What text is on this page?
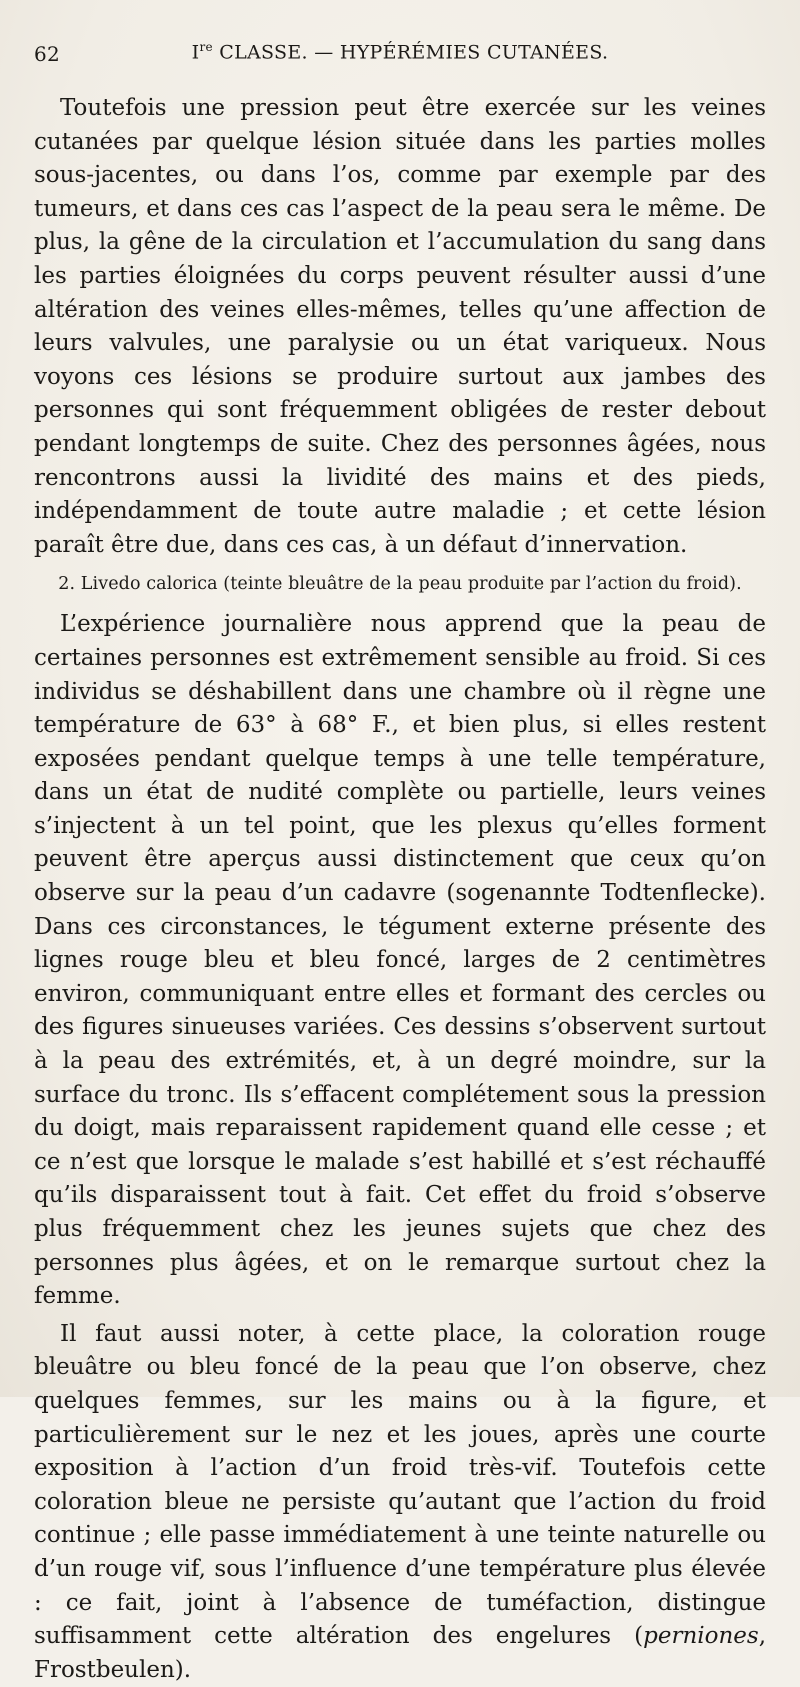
62	Ire CLASSE. — HYPÉRÉMIES CUTANÉES.

Toutefois une pression peut être exercée sur les veines cutanées par quelque lésion située dans les parties molles sous-jacentes, ou dans l’os, comme par exemple par des tumeurs, et dans ces cas l’aspect de la peau sera le même. De plus, la gêne de la circulation et l’accumulation du sang dans les parties éloignées du corps peuvent résulter aussi d’une altération des veines elles-mêmes, telles qu’une affection de leurs valvules, une paralysie ou un état variqueux. Nous voyons ces lésions se produire surtout aux jambes des personnes qui sont fréquemment obligées de rester debout pendant longtemps de suite. Chez des personnes âgées, nous rencontrons aussi la lividité des mains et des pieds, indépendamment de toute autre maladie ; et cette lésion paraît être due, dans ces cas, à un défaut d’innervation.

2. Livedo calorica (teinte bleuâtre de la peau produite par l’action du froid).

L’expérience journalière nous apprend que la peau de certaines personnes est extrêmement sensible au froid. Si ces individus se déshabillent dans une chambre où il règne une température de 63° à 68° F., et bien plus, si elles restent exposées pendant quelque temps à une telle température, dans un état de nudité complète ou partielle, leurs veines s’injectent à un tel point, que les plexus qu’elles forment peuvent être aperçus aussi distinctement que ceux qu’on observe sur la peau d’un cadavre (sogenannte Todtenflecke). Dans ces circonstances, le tégument externe présente des lignes rouge bleu et bleu foncé, larges de 2 centimètres environ, communiquant entre elles et formant des cercles ou des figures sinueuses variées. Ces dessins s’observent surtout à la peau des extrémités, et, à un degré moindre, sur la surface du tronc. Ils s’effacent complétement sous la pression du doigt, mais reparaissent rapidement quand elle cesse ; et ce n’est que lorsque le malade s’est habillé et s’est réchauffé qu’ils disparaissent tout à fait. Cet effet du froid s’observe plus fréquemment chez les jeunes sujets que chez des personnes plus âgées, et on le remarque surtout chez la femme.

Il faut aussi noter, à cette place, la coloration rouge bleuâtre ou bleu foncé de la peau que l’on observe, chez quelques femmes, sur les mains ou à la figure, et particulièrement sur le nez et les joues, après une courte exposition à l’action d’un froid très-vif. Toutefois cette coloration bleue ne persiste qu’autant que l’action du froid continue ; elle passe immédiatement à une teinte naturelle ou d’un rouge vif, sous l’influence d’une température plus élevée : ce fait, joint à l’absence de tuméfaction, distingue suffisamment cette altération des engelures (perniones, Frostbeulen).
